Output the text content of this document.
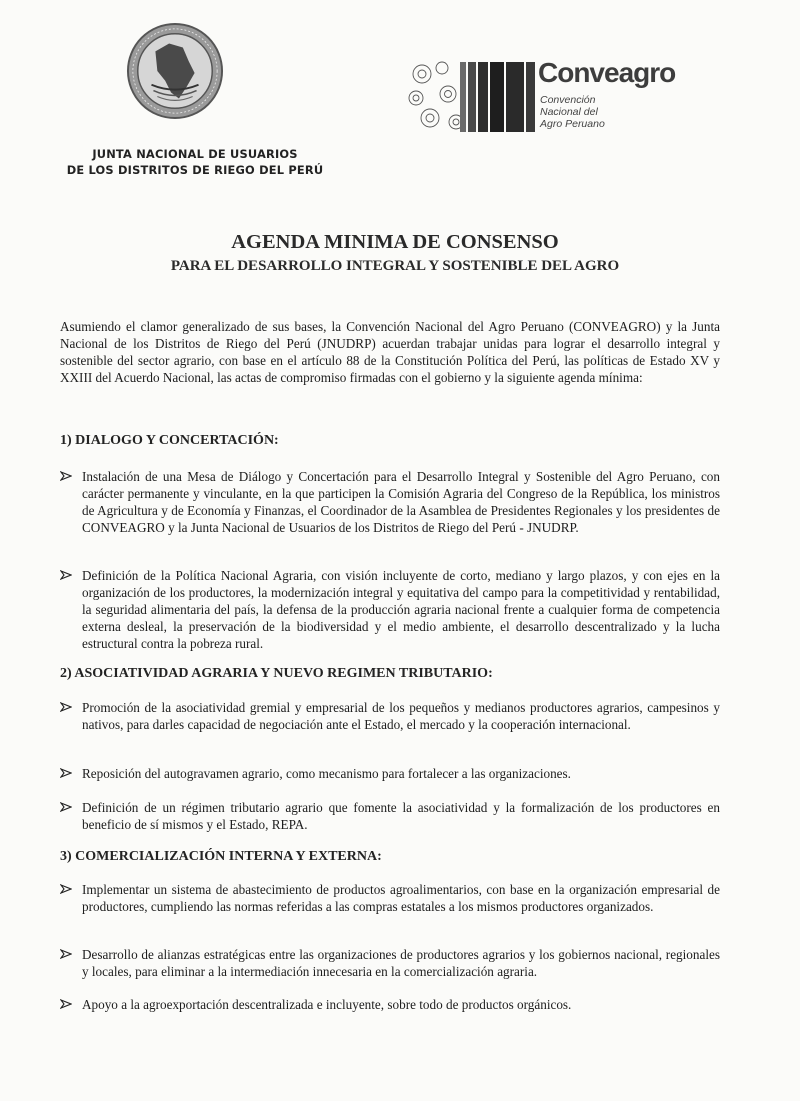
JUNTA NACIONAL DE USUARIOS
DE LOS DISTRITOS DE RIEGO DEL PERÚ
Conveagro
Convención
Nacional del
Agro Peruano
AGENDA MINIMA DE CONSENSO
PARA EL DESARROLLO INTEGRAL Y SOSTENIBLE DEL AGRO
Asumiendo el clamor generalizado de sus bases, la Convención Nacional del Agro Peruano (CONVEAGRO) y la Junta Nacional de los Distritos de Riego del Perú (JNUDRP) acuerdan trabajar unidas para lograr el desarrollo integral y sostenible del sector agrario, con base en el artículo 88 de la Constitución Política del Perú, las políticas de Estado XV y XXIII del Acuerdo Nacional, las actas de compromiso firmadas con el gobierno y la siguiente agenda mínima:
1) DIALOGO Y CONCERTACIÓN:
Instalación de una Mesa de Diálogo y Concertación para el Desarrollo Integral y Sostenible del Agro Peruano, con carácter permanente y vinculante, en la que participen la Comisión Agraria del Congreso de la República, los ministros de Agricultura y de Economía y Finanzas, el Coordinador de la Asamblea de Presidentes Regionales y los presidentes de CONVEAGRO y la Junta Nacional de Usuarios de los Distritos de Riego del Perú - JNUDRP.
Definición de la Política Nacional Agraria, con visión incluyente de corto, mediano y largo plazos, y con ejes en la organización de los productores, la modernización integral y equitativa del campo para la competitividad y rentabilidad, la seguridad alimentaria del país, la defensa de la producción agraria nacional frente a cualquier forma de competencia externa desleal, la preservación de la biodiversidad y el medio ambiente, el desarrollo descentralizado y la lucha estructural contra la pobreza rural.
2) ASOCIATIVIDAD AGRARIA Y NUEVO REGIMEN TRIBUTARIO:
Promoción de la asociatividad gremial y empresarial de los pequeños y medianos productores agrarios, campesinos y nativos, para darles capacidad de negociación ante el Estado, el mercado y la cooperación internacional.
Reposición del autogravamen agrario, como mecanismo para fortalecer a las organizaciones.
Definición de un régimen tributario agrario que fomente la asociatividad y la formalización de los productores en beneficio de sí mismos y el Estado, REPA.
3) COMERCIALIZACIÓN INTERNA Y EXTERNA:
Implementar un sistema de abastecimiento de productos agroalimentarios, con base en la organización empresarial de productores, cumpliendo las normas referidas a las compras estatales a los mismos productores organizados.
Desarrollo de alianzas estratégicas entre las organizaciones de productores agrarios y los gobiernos nacional, regionales y locales, para eliminar a la intermediación innecesaria en la comercialización agraria.
Apoyo a la agroexportación descentralizada e incluyente, sobre todo de productos orgánicos.
